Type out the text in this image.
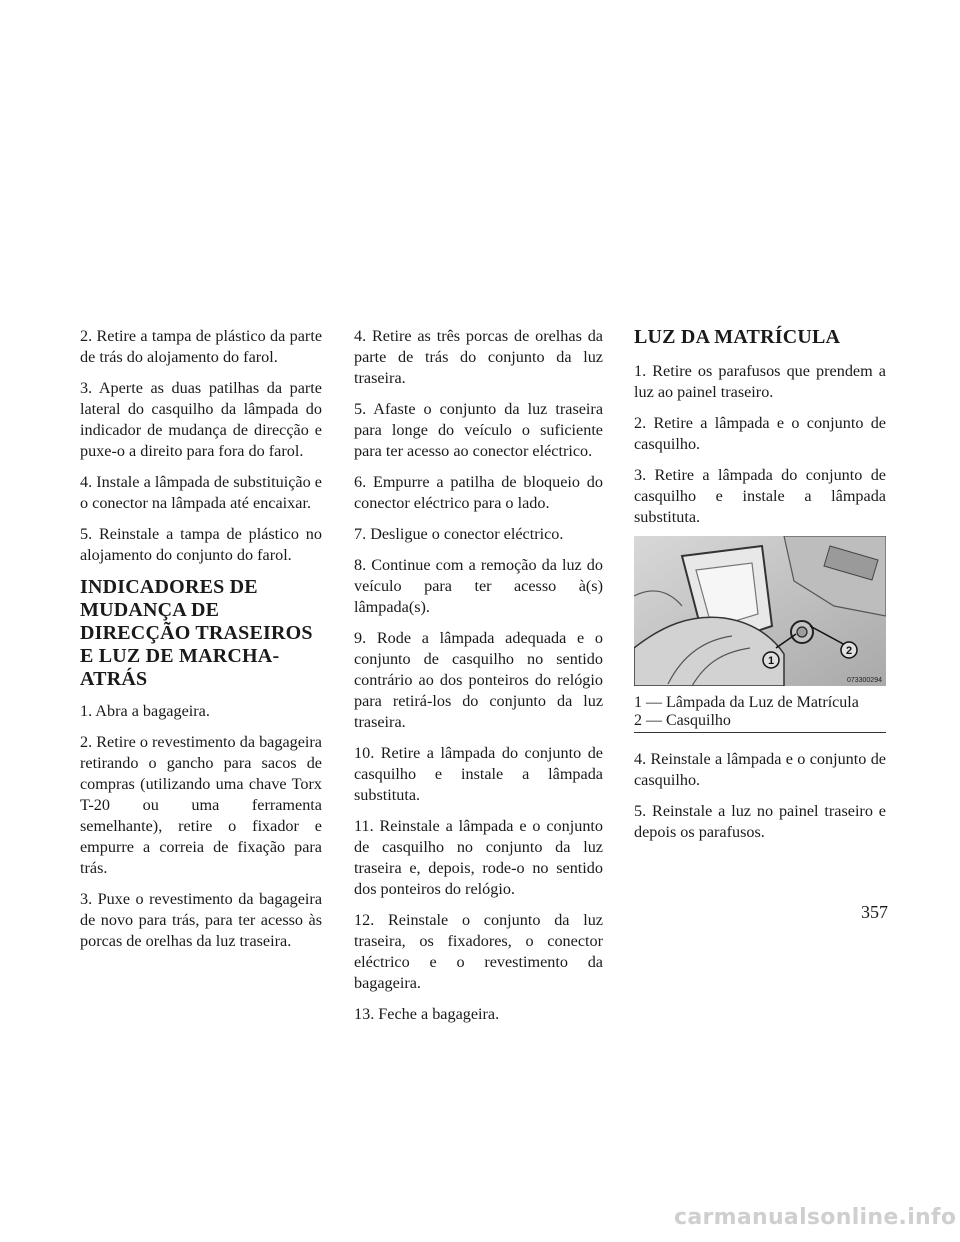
2. Retire a tampa de plástico da parte de trás do alojamento do farol.

3. Aperte as duas patilhas da parte lateral do casquilho da lâmpada do indicador de mudança de direcção e puxe-o a direito para fora do farol.

4. Instale a lâmpada de substituição e o conector na lâmpada até encaixar.

5. Reinstale a tampa de plástico no alojamento do conjunto do farol.

INDICADORES DE MUDANÇA DE DIRECÇÃO TRASEIROS E LUZ DE MARCHA-ATRÁS

1. Abra a bagageira.

2. Retire o revestimento da bagageira retirando o gancho para sacos de compras (utilizando uma chave Torx T-20 ou uma ferramenta semelhante), retire o fixador e empurre a correia de fixação para trás.

3. Puxe o revestimento da bagageira de novo para trás, para ter acesso às porcas de orelhas da luz traseira.

4. Retire as três porcas de orelhas da parte de trás do conjunto da luz traseira.

5. Afaste o conjunto da luz traseira para longe do veículo o suficiente para ter acesso ao conector eléctrico.

6. Empurre a patilha de bloqueio do conector eléctrico para o lado.

7. Desligue o conector eléctrico.

8. Continue com a remoção da luz do veículo para ter acesso à(s) lâmpada(s).

9. Rode a lâmpada adequada e o conjunto de casquilho no sentido contrário ao dos ponteiros do relógio para retirá-los do conjunto da luz traseira.

10. Retire a lâmpada do conjunto de casquilho e instale a lâmpada substituta.

11. Reinstale a lâmpada e o conjunto de casquilho no conjunto da luz traseira e, depois, rode-o no sentido dos ponteiros do relógio.

12. Reinstale o conjunto da luz traseira, os fixadores, o conector eléctrico e o revestimento da bagageira.

13. Feche a bagageira.

LUZ DA MATRÍCULA

1. Retire os parafusos que prendem a luz ao painel traseiro.

2. Retire a lâmpada e o conjunto de casquilho.

3. Retire a lâmpada do conjunto de casquilho e instale a lâmpada substituta.

1
2
073300294

1 — Lâmpada da Luz de Matrícula

2 — Casquilho

4. Reinstale a lâmpada e o conjunto de casquilho.

5. Reinstale a luz no painel traseiro e depois os parafusos.

357
carmanualsonline.info
